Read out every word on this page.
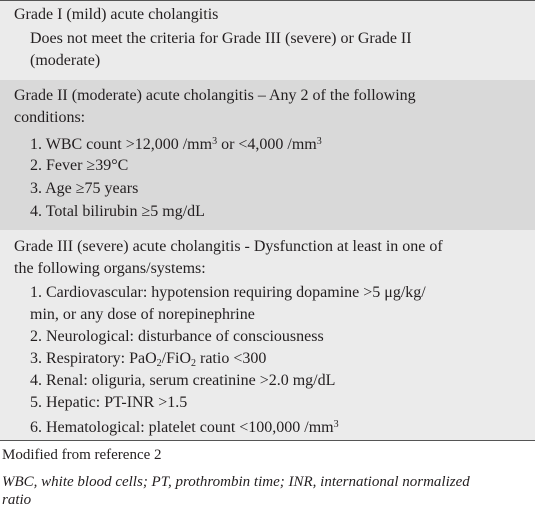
Grade I (mild) acute cholangitis
Does not meet the criteria for Grade III (severe) or Grade II
(moderate)
Grade II (moderate) acute cholangitis – Any 2 of the following
conditions:
1. WBC count >12,000 $/mm^3$ or <4,000 $/mm^3$
2. Fever ≥39°C
3. Age ≥75 years
4. Total bilirubin ≥5 mg/dL
Grade III (severe) acute cholangitis - Dysfunction at least in one of
the following organs/systems:
1. Cardiovascular: hypotension requiring dopamine >5 μg/kg/
min, or any dose of norepinephrine
2. Neurological: disturbance of consciousness
3. Respiratory: PaO$_2$/FiO$_2$ ratio <300
4. Renal: oliguria, serum creatinine >2.0 mg/dL
5. Hepatic: PT-INR >1.5
6. Hematological: platelet count <100,000 $/mm^3$
Modified from reference 2
WBC, white blood cells; PT, prothrombin time; INR, international normalized
ratio
